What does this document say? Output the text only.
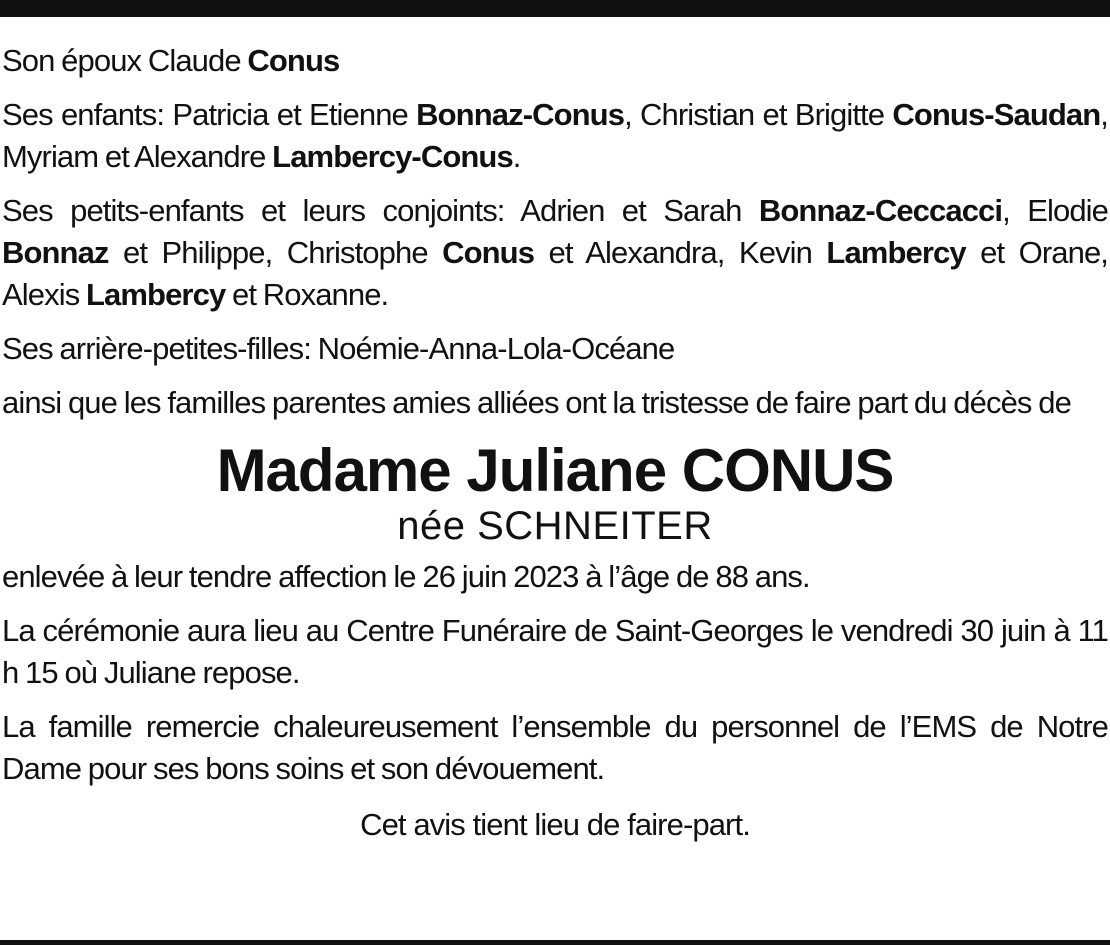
Son époux Claude Conus

Ses enfants: Patricia et Etienne Bonnaz-Conus, Christian et Brigitte Conus-Saudan, Myriam et Alexandre Lambercy-Conus.

Ses petits-enfants et leurs conjoints: Adrien et Sarah Bonnaz-Ceccacci, Elodie Bonnaz et Philippe, Christophe Conus et Alexandra, Kevin Lambercy et Orane, Alexis Lambercy et Roxanne.

Ses arrière-petites-filles: Noémie-Anna-Lola-Océane

ainsi que les familles parentes amies alliées ont la tristesse de faire part du décès de

Madame Juliane CONUS
née SCHNEITER

enlevée à leur tendre affection le 26 juin 2023 à l’âge de 88 ans.

La cérémonie aura lieu au Centre Funéraire de Saint-Georges le vendredi 30 juin à 11 h 15 où Juliane repose.

La famille remercie chaleureusement l’ensemble du personnel de l’EMS de Notre Dame pour ses bons soins et son dévouement.

Cet avis tient lieu de faire-part.
